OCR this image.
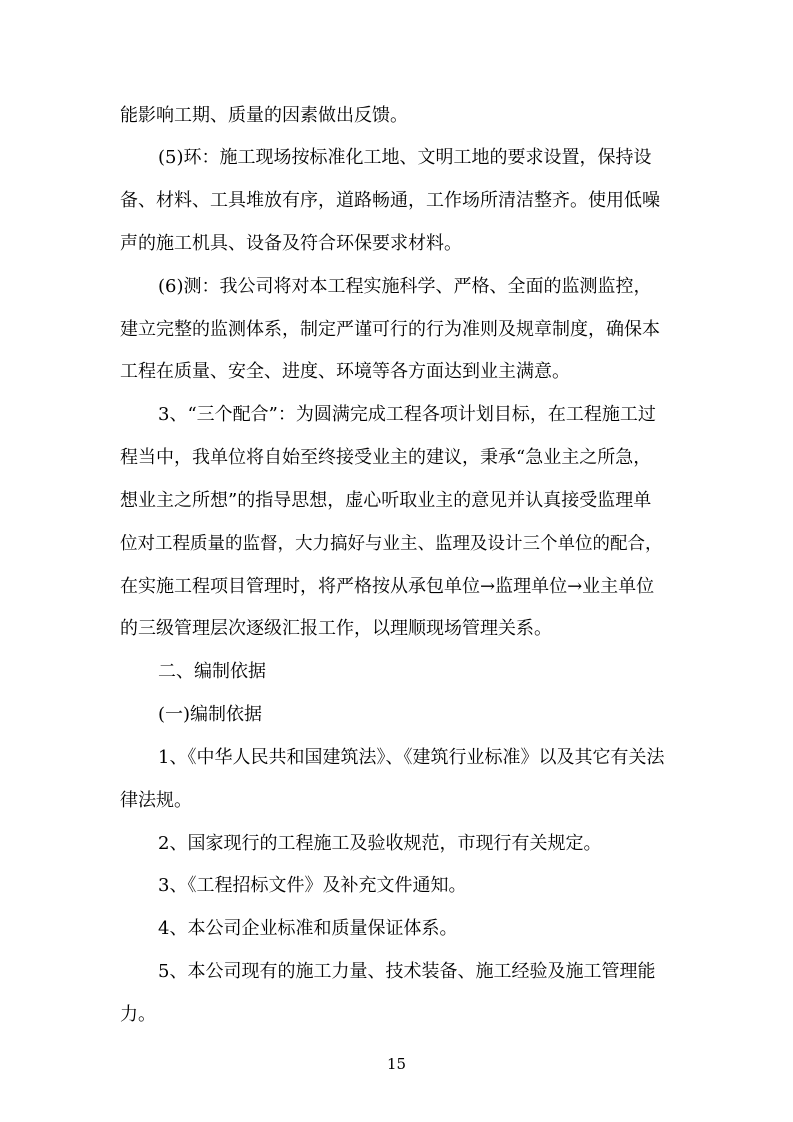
能影响工期、质量的因素做出反馈。
(5)环：施工现场按标准化工地、文明工地的要求设置，保持设
备、材料、工具堆放有序，道路畅通，工作场所清洁整齐。使用低噪
声的施工机具、设备及符合环保要求材料。
(6)测：我公司将对本工程实施科学、严格、全面的监测监控，
建立完整的监测体系，制定严谨可行的行为准则及规章制度，确保本
工程在质量、安全、进度、环境等各方面达到业主满意。
3、“三个配合”：为圆满完成工程各项计划目标，在工程施工过
程当中，我单位将自始至终接受业主的建议，秉承“急业主之所急，
想业主之所想”的指导思想，虚心听取业主的意见并认真接受监理单
位对工程质量的监督，大力搞好与业主、监理及设计三个单位的配合，
在实施工程项目管理时，将严格按从承包单位→监理单位→业主单位
的三级管理层次逐级汇报工作，以理顺现场管理关系。
二、编制依据
(一)编制依据
1、《中华人民共和国建筑法》、《建筑行业标准》以及其它有关法
律法规。
2、国家现行的工程施工及验收规范，市现行有关规定。
3、《工程招标文件》及补充文件通知。
4、本公司企业标准和质量保证体系。
5、本公司现有的施工力量、技术装备、施工经验及施工管理能
力。
15
